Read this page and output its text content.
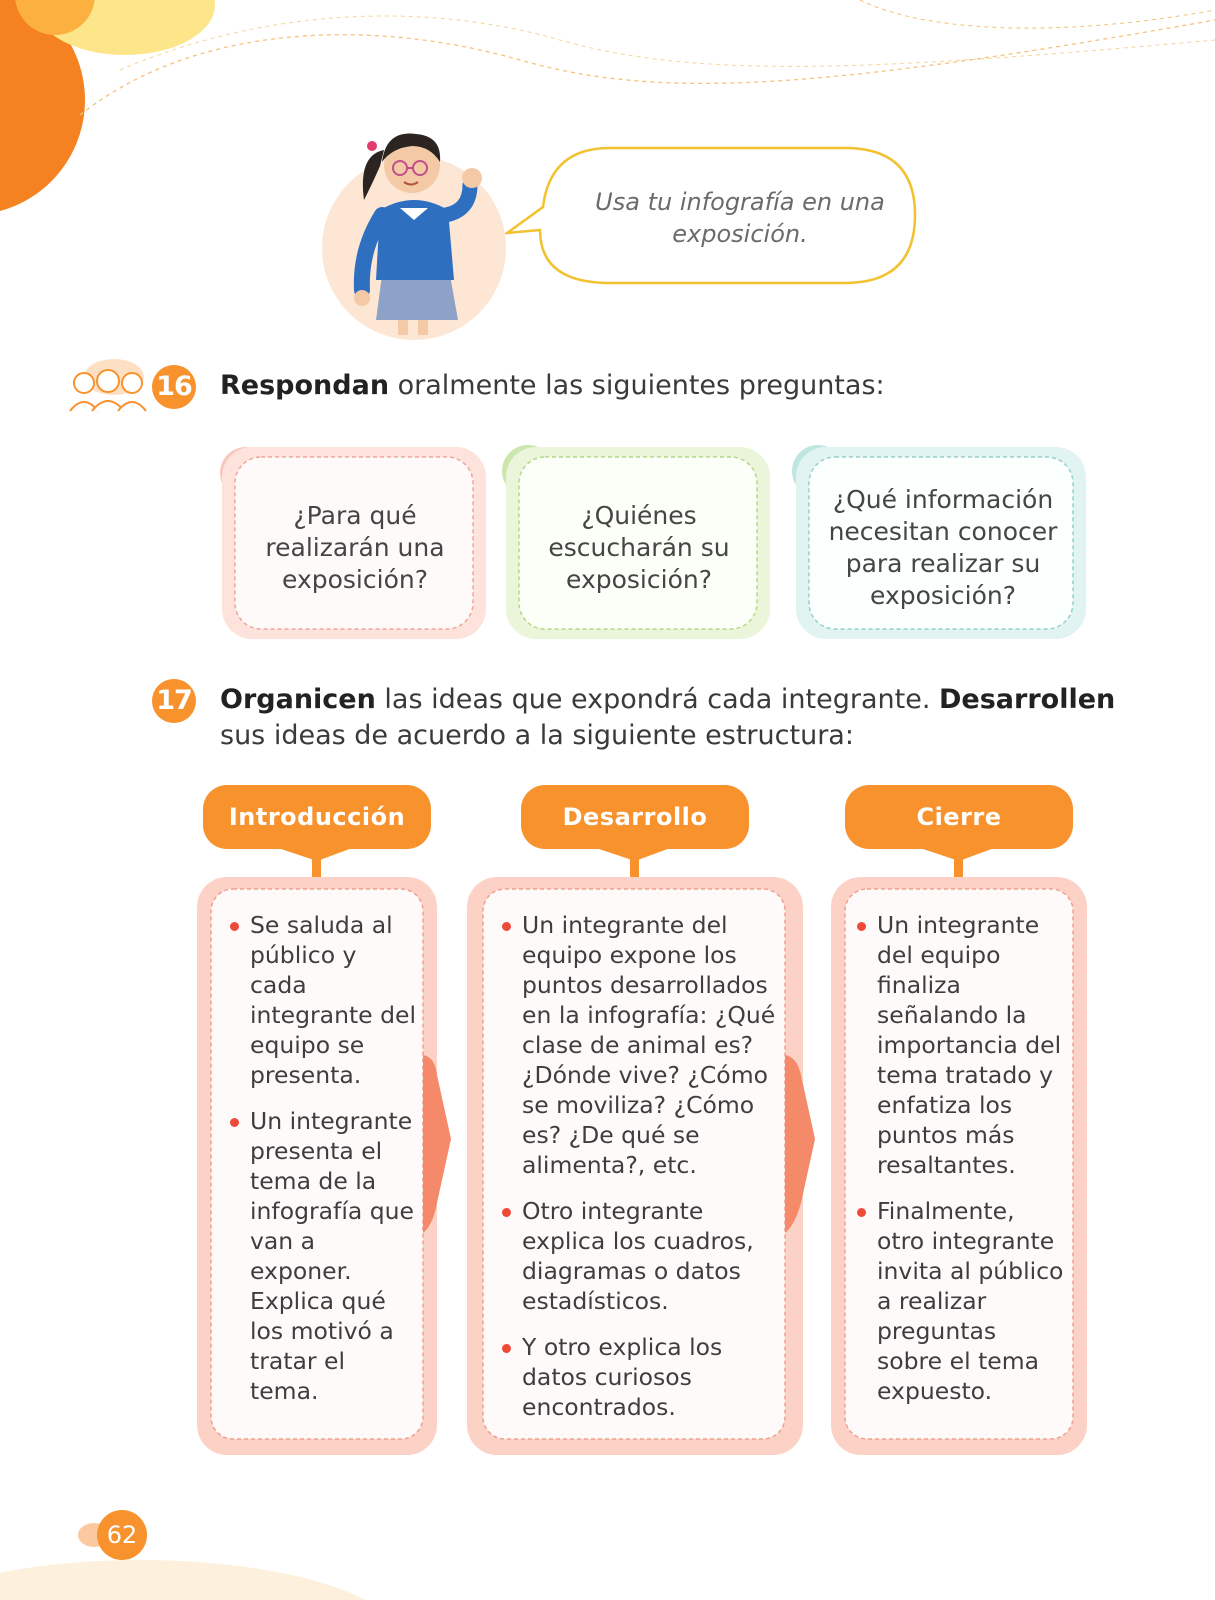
Usa tu infografía en una exposición.
16 Respondan oralmente las siguientes preguntas:
¿Para qué realizarán una exposición?
¿Quiénes escucharán su exposición?
¿Qué información necesitan conocer para realizar su exposición?
17 Organicen las ideas que expondrá cada integrante. Desarrollen
sus ideas de acuerdo a la siguiente estructura:
Introducción	Desarrollo	Cierre
Se saluda al público y cada integrante del equipo se presenta.
Un integrante presenta el tema de la infografía que van a exponer. Explica qué los motivó a tratar el tema.
Un integrante del equipo expone los puntos desarrollados en la infografía: ¿Qué clase de animal es? ¿Dónde vive? ¿Cómo se moviliza? ¿Cómo es? ¿De qué se alimenta?, etc.
Otro integrante explica los cuadros, diagramas o datos estadísticos.
Y otro explica los datos curiosos encontrados.
Un integrante del equipo finaliza señalando la importancia del tema tratado y enfatiza los puntos más resaltantes.
Finalmente, otro integrante invita al público a realizar preguntas sobre el tema expuesto.
62
